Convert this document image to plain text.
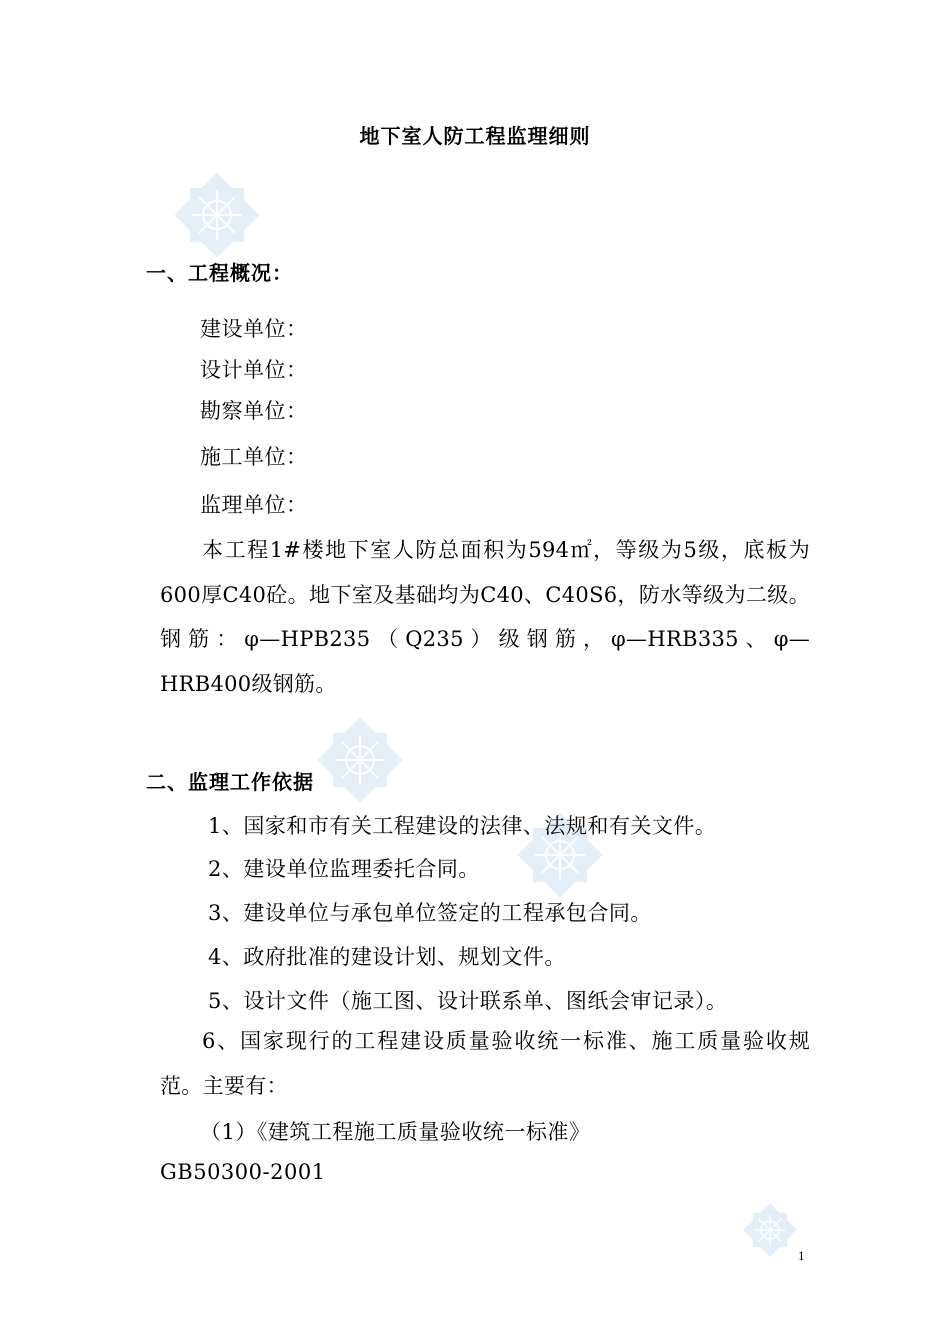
地下室人防工程监理细则
一、工程概况：
建设单位：
设计单位：
勘察单位：
施工单位：
监理单位：
本工程1#楼地下室人防总面积为594㎡，等级为5级，底板为600厚C40砼。地下室及基础均为C40、C40S6，防水等级为二级。钢筋：φ—HPB235（Q235）级钢筋，φ—HRB335、φ—HRB400级钢筋。
二、监理工作依据
1、国家和市有关工程建设的法律、法规和有关文件。
2、建设单位监理委托合同。
3、建设单位与承包单位签定的工程承包合同。
4、政府批准的建设计划、规划文件。
5、设计文件（施工图、设计联系单、图纸会审记录）。
6、国家现行的工程建设质量验收统一标准、施工质量验收规范。主要有：
（1）《建筑工程施工质量验收统一标准》
GB50300-2001
1
